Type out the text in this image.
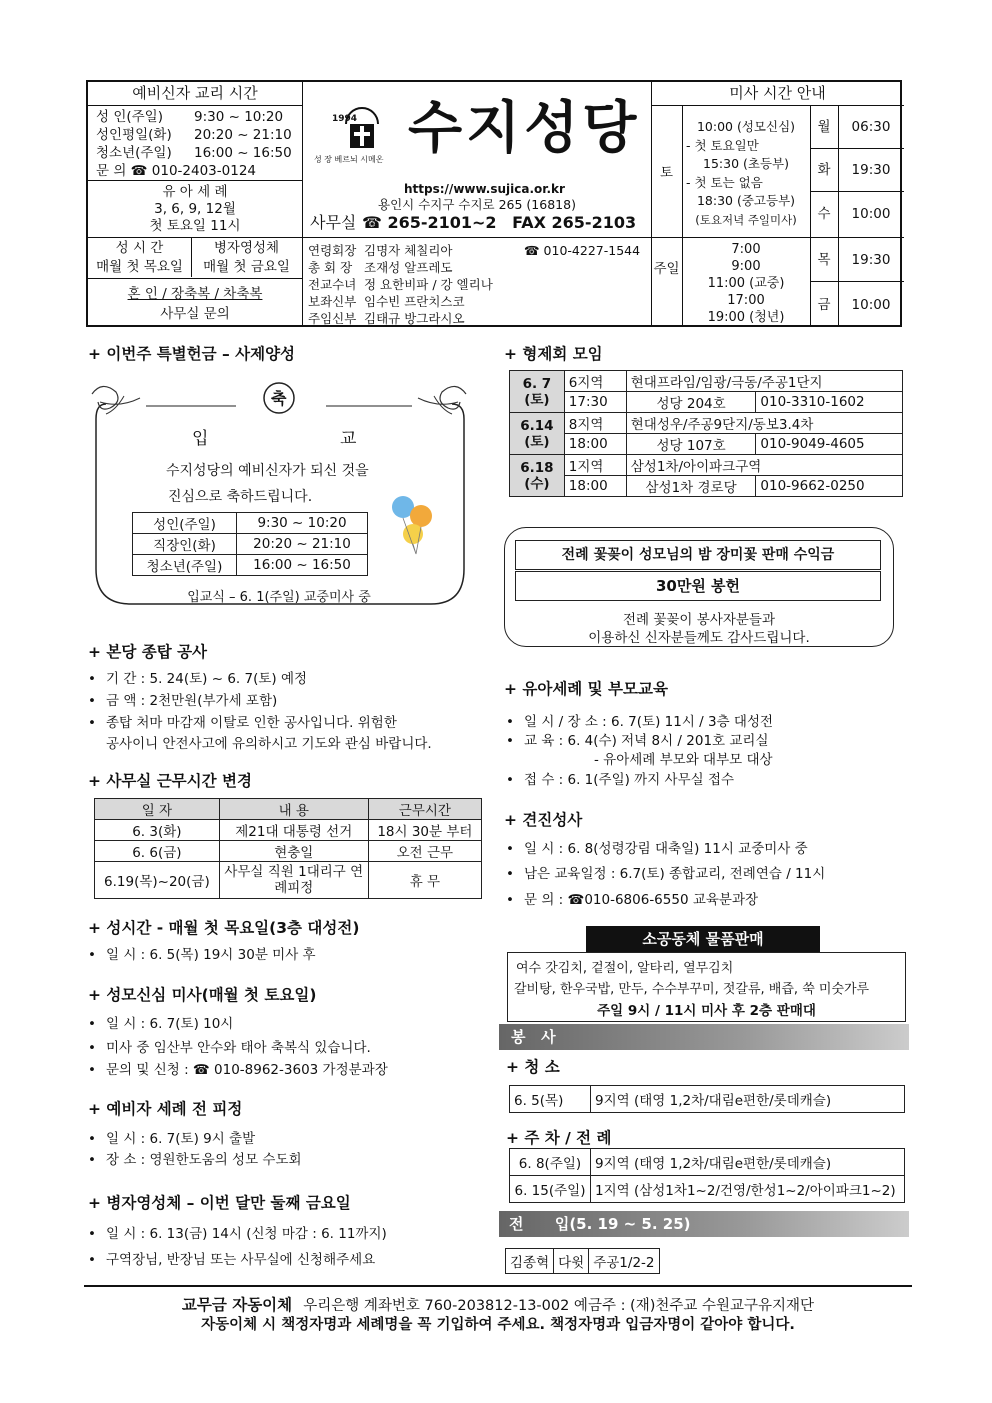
예비신자 교리 시간
성 인(주일) 9:30 ~ 10:20
성인평일(화) 20:20 ~ 21:10
청소년(주일) 16:00 ~ 16:50
문 의 ☎ 010-2403-0124
유 아 세 례
3, 6, 9, 12월
첫 토요일 11시
성 시 간
매월 첫 목요일
병자영성체
매월 첫 금요일
혼 인 / 장축복 / 차축복
사무실 문의
1994
성 장 베르뇌 시메온 수지성당
https://www.sujica.or.kr
용인시 수지구 수지로 265 (16818)
사무실 ☎ 265-2101~2 FAX 265-2103
연령회장 김명자 체칠리아
총 회 장 조재성 알프레도
전교수녀 정 요한비파 / 강 엘리나
보좌신부 임수빈 프란치스코
주임신부 김태규 방그라시오
☎ 010-4227-1544
미사 시간 안내
토
10:00 (성모신심)
- 첫 토요일만
15:30 (초등부)
- 첫 토는 없음
18:30 (중고등부)
(토요저녁 주일미사)
주일
7:00
9:00
11:00 (교중)
17:00
19:00 (청년)
월	06:30
화	19:30
수	10:00
목	19:30
금	10:00
+ 이번주 특별헌금 – 사제양성
축
입	교
수지성당의 예비신자가 되신 것을
진심으로 축하드립니다.
성인(주일)	9:30 ~ 10:20
직장인(화)	20:20 ~ 21:10
청소년(주일)	16:00 ~ 16:50
입교식 – 6. 1(주일) 교중미사 중
+ 본당 종탑 공사
• 기 간 : 5. 24(토) ~ 6. 7(토) 예정
• 금 액 : 2천만원(부가세 포함)
• 종탑 처마 마감재 이탈로 인한 공사입니다. 위험한
공사이니 안전사고에 유의하시고 기도와 관심 바랍니다.
+ 사무실 근무시간 변경
일 자	내 용	근무시간
6. 3(화)	제21대 대통령 선거	18시 30분 부터
6. 6(금)	현충일	오전 근무
6.19(목)~20(금)	사무실 직원 1대리구 연례피정	휴 무
+ 성시간 - 매월 첫 목요일(3층 대성전)
• 일 시 : 6. 5(목) 19시 30분 미사 후
+ 성모신심 미사(매월 첫 토요일)
• 일 시 : 6. 7(토) 10시
• 미사 중 임산부 안수와 태아 축복식 있습니다.
• 문의 및 신청 : ☎ 010-8962-3603 가정분과장
+ 예비자 세례 전 피정
• 일 시 : 6. 7(토) 9시 출발
• 장 소 : 영원한도움의 성모 수도회
+ 병자영성체 – 이번 달만 둘째 금요일
• 일 시 : 6. 13(금) 14시 (신청 마감 : 6. 11까지)
• 구역장님, 반장님 또는 사무실에 신청해주세요
+ 형제회 모임
6. 7
(토)	6지역	현대프라임/임광/극동/주공1단지	
	17:30	성당 204호	010-3310-1602
6.14
(토)	8지역	현대성우/주공9단지/동보3.4차	
	18:00	성당 107호	010-9049-4605
6.18
(수)	1지역	삼성1차/아이파크구역	
	18:00	삼성1차 경로당	010-9662-0250
전례 꽃꽂이 성모님의 밤 장미꽃 판매 수익금
30만원 봉헌
전례 꽃꽂이 봉사자분들과
이용하신 신자분들께도 감사드립니다.
+ 유아세례 및 부모교육
• 일 시 / 장 소 : 6. 7(토) 11시 / 3층 대성전
• 교 육 : 6. 4(수) 저녁 8시 / 201호 교리실
- 유아세례 부모와 대부모 대상
• 접 수 : 6. 1(주일) 까지 사무실 접수
+ 견진성사
• 일 시 : 6. 8(성령강림 대축일) 11시 교중미사 중
• 남은 교육일정 : 6.7(토) 종합교리, 전례연습 / 11시
• 문 의 : ☎010-6806-6550 교육분과장
소공동체 물품판매
여수 갓김치, 겉절이, 알타리, 열무김치
갈비탕, 한우국밥, 만두, 수수부꾸미, 젓갈류, 배즙, 쑥 미숫가루
주일 9시 / 11시 미사 후 2층 판매대
봉   사
+ 청 소
6. 5(목)	9지역 (태영 1,2차/대림e편한/롯데캐슬)
+ 주 차 / 전 례
6. 8(주일)	9지역 (태영 1,2차/대림e편한/롯데캐슬)
6. 15(주일)	1지역 (삼성1차1~2/건영/한성1~2/아이파크1~2)
전      입(5. 19 ~ 5. 25)
김종혁	다윗	주공1/2-2
교무금 자동이체 우리은행 계좌번호 760-203812-13-002 예금주 : (재)천주교 수원교구유지재단
자동이체 시 책정자명과 세례명을 꼭 기입하여 주세요. 책정자명과 입금자명이 같아야 합니다.
